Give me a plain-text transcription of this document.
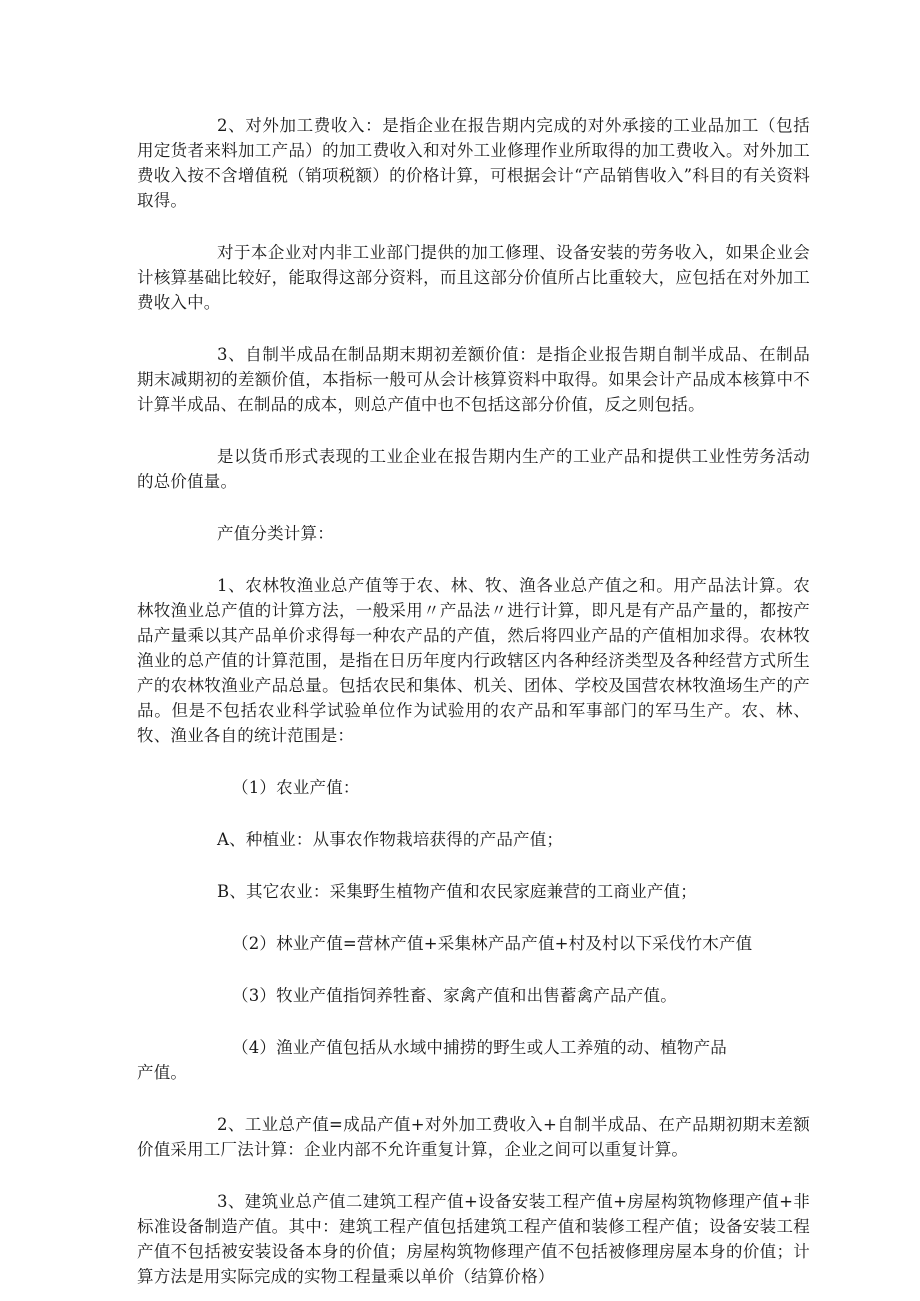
2、对外加工费收入：是指企业在报告期内完成的对外承接的工业品加工（包括用定货者来料加工产品）的加工费收入和对外工业修理作业所取得的加工费收入。对外加工费收入按不含增值税（销项税额）的价格计算，可根据会计“产品销售收入”科目的有关资料取得。

对于本企业对内非工业部门提供的加工修理、设备安装的劳务收入，如果企业会计核算基础比较好，能取得这部分资料，而且这部分价值所占比重较大，应包括在对外加工费收入中。

3、自制半成品在制品期末期初差额价值：是指企业报告期自制半成品、在制品期末减期初的差额价值，本指标一般可从会计核算资料中取得。如果会计产品成本核算中不计算半成品、在制品的成本，则总产值中也不包括这部分价值，反之则包括。

是以货币形式表现的工业企业在报告期内生产的工业产品和提供工业性劳务活动的总价值量。

产值分类计算：

1、农林牧渔业总产值等于农、林、牧、渔各业总产值之和。用产品法计算。农林牧渔业总产值的计算方法，一般采用〃产品法〃进行计算，即凡是有产品产量的，都按产品产量乘以其产品单价求得每一种农产品的产值，然后将四业产品的产值相加求得。农林牧渔业的总产值的计算范围，是指在日历年度内行政辖区内各种经济类型及各种经营方式所生产的农林牧渔业产品总量。包括农民和集体、机关、团体、学校及国营农林牧渔场生产的产品。但是不包括农业科学试验单位作为试验用的农产品和军事部门的军马生产。农、林、牧、渔业各自的统计范围是：

（1）农业产值：

A、种植业：从事农作物栽培获得的产品产值；

B、其它农业：采集野生植物产值和农民家庭兼营的工商业产值；

（2）林业产值=营林产值+采集林产品产值+村及村以下采伐竹木产值

（3）牧业产值指饲养牲畜、家禽产值和出售蓄禽产品产值。

（4）渔业产值包括从水域中捕捞的野生或人工养殖的动、植物产品

产值。

2、工业总产值=成品产值+对外加工费收入+自制半成品、在产品期初期末差额价值采用工厂法计算：企业内部不允许重复计算，企业之间可以重复计算。

3、建筑业总产值二建筑工程产值+设备安装工程产值+房屋构筑物修理产值+非标准设备制造产值。其中：建筑工程产值包括建筑工程产值和装修工程产值；设备安装工程产值不包括被安装设备本身的价值；房屋构筑物修理产值不包括被修理房屋本身的价值；计算方法是用实际完成的实物工程量乘以单价（结算价格）
